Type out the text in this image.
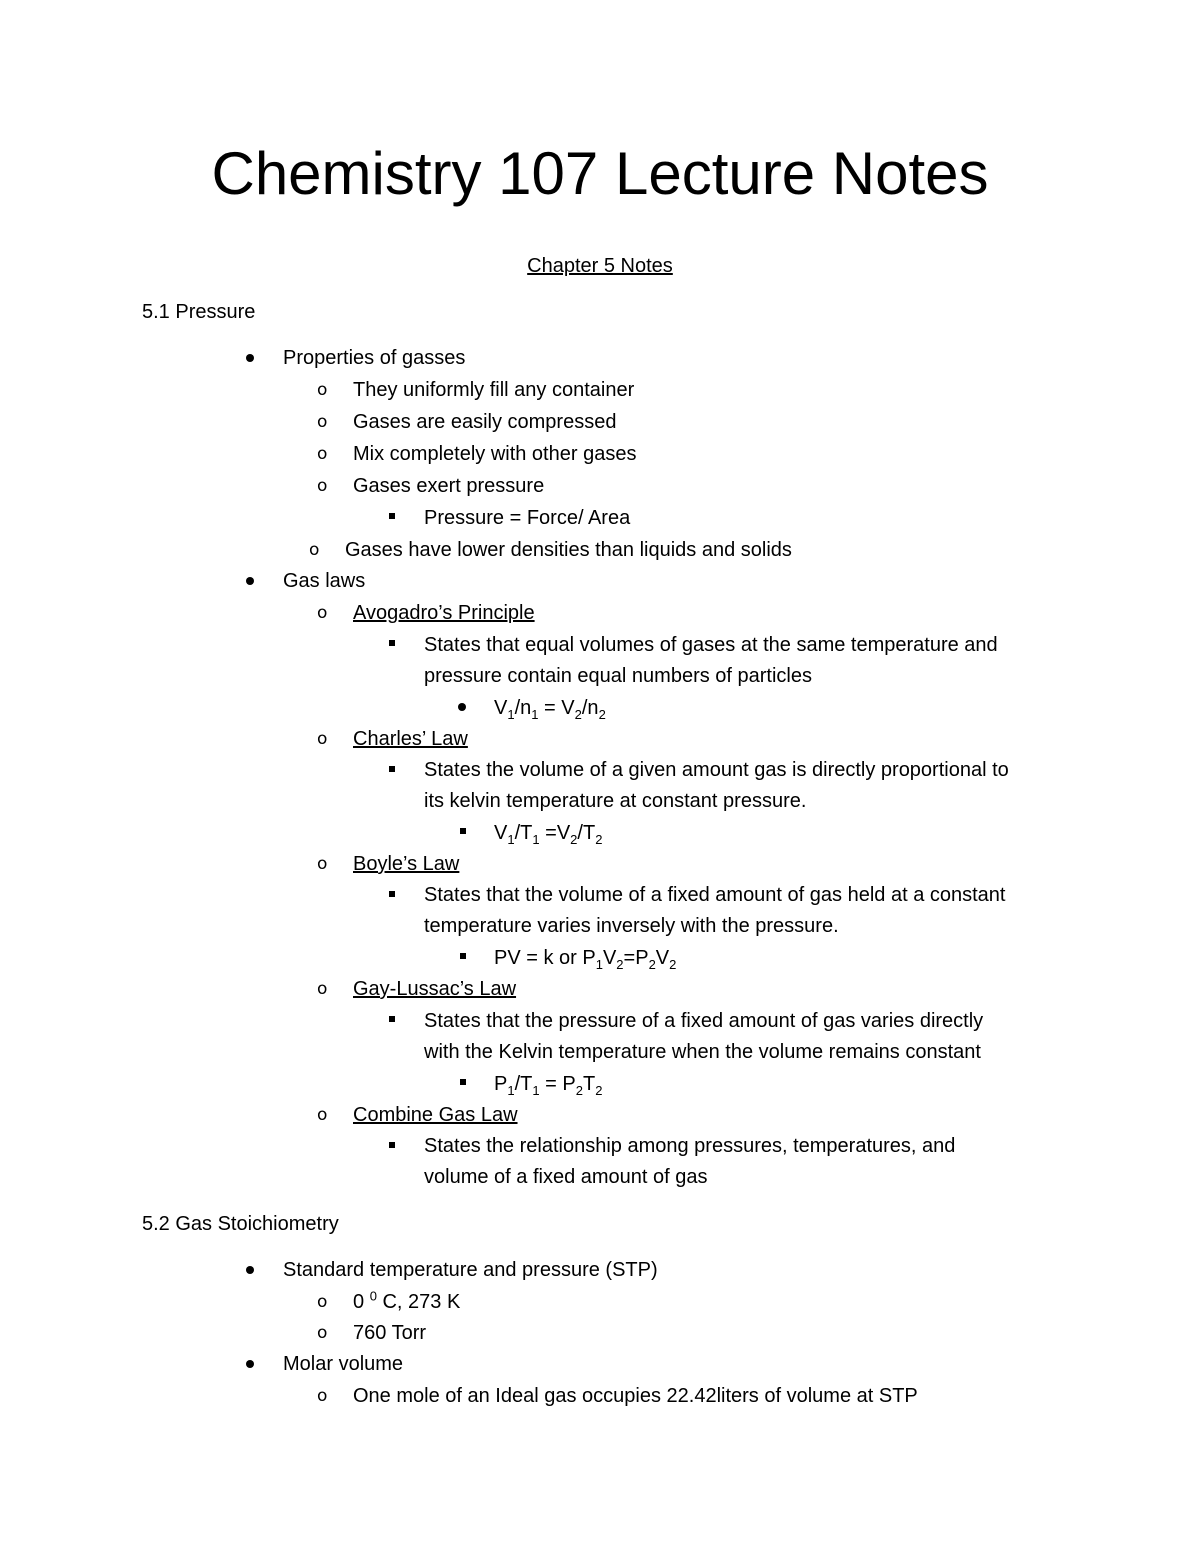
Chemistry 107 Lecture Notes
Chapter 5 Notes
5.1 Pressure
Properties of gasses
o They uniformly fill any container
o Gases are easily compressed
o Mix completely with other gases
o Gases exert pressure
Pressure = Force/ Area
o Gases have lower densities than liquids and solids
Gas laws
o Avogadro’s Principle
States that equal volumes of gases at the same temperature and
pressure contain equal numbers of particles
$V_1/n_1 = V_2/n_2$
o Charles’ Law
States the volume of a given amount gas is directly proportional to
its kelvin temperature at constant pressure.
$V_1/T_1 =V_2/T_2$
o Boyle’s Law
States that the volume of a fixed amount of gas held at a constant
temperature varies inversely with the pressure.
PV = k or $P_1V_2=P_2V_2$
o Gay-Lussac’s Law
States that the pressure of a fixed amount of gas varies directly
with the Kelvin temperature when the volume remains constant
$P_1/T_1 = P_2T_2$
o Combine Gas Law
States the relationship among pressures, temperatures, and
volume of a fixed amount of gas
5.2 Gas Stoichiometry
Standard temperature and pressure (STP)
o 0 $^0$ C, 273 K
o 760 Torr
Molar volume
o One mole of an Ideal gas occupies 22.42liters of volume at STP
